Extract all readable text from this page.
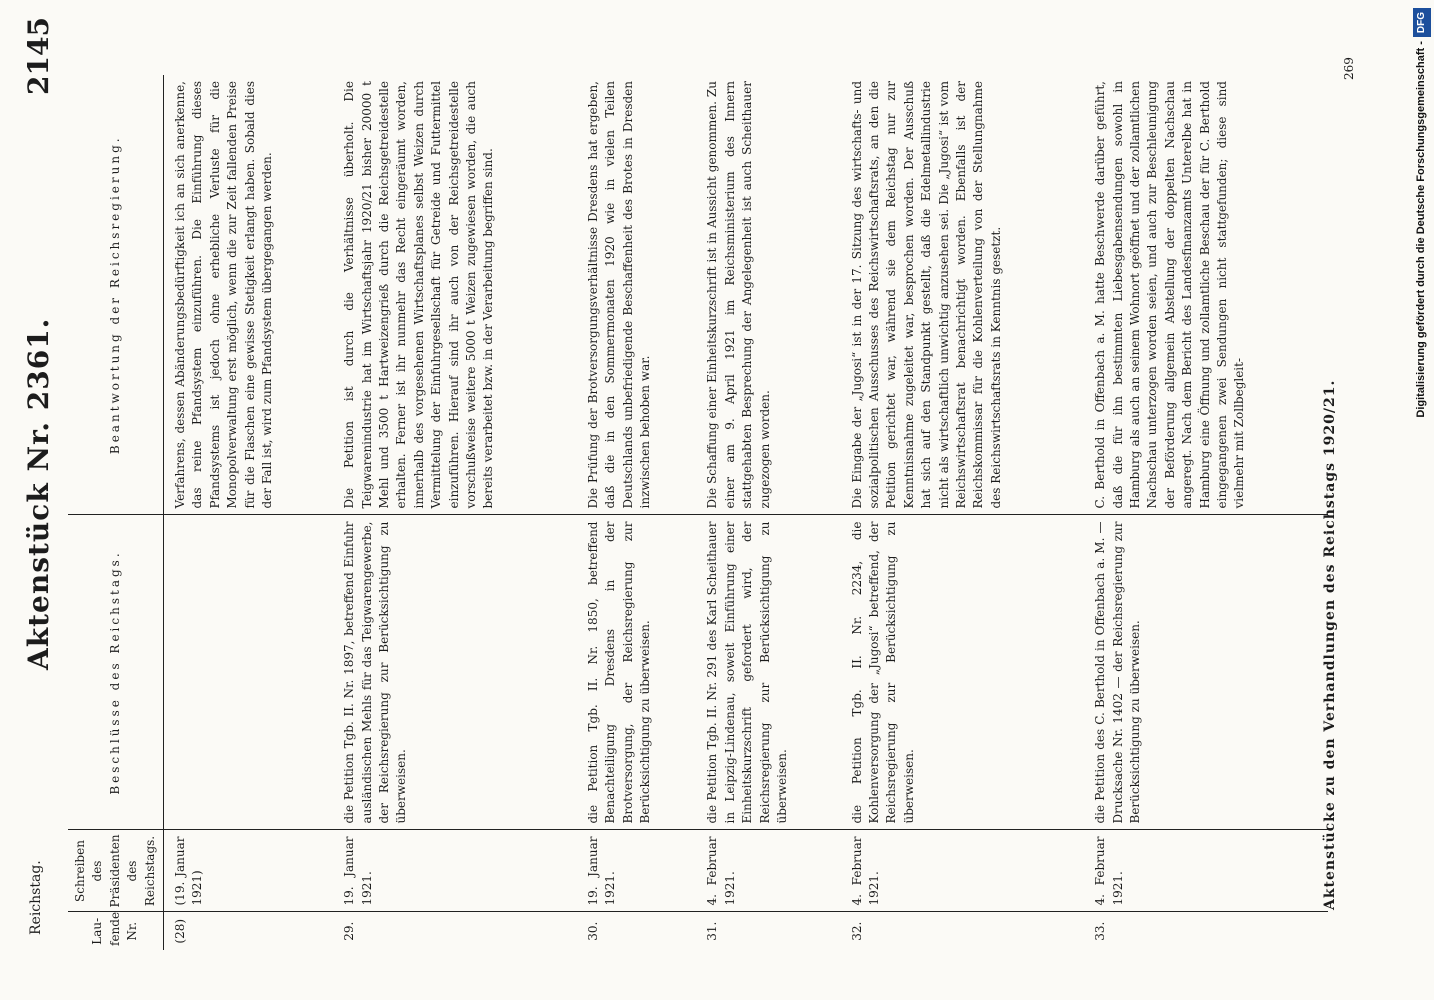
Reichstag.
Aktenstück Nr. 2361.
2145
Lau-fende Nr.	Schreiben des Präsidenten des Reichstags.	Beschlüsse des Reichstags.	Beantwortung der Reichsregierung.
(28)	(19. Januar 1921)		Verfahrens, dessen Abänderungsbedürftigkeit ich an sich anerkenne, das reine Pfandsystem einzuführen. Die Einführung dieses Pfandsystems ist jedoch ohne erhebliche Verluste für die Monopolverwaltung erst möglich, wenn die zur Zeit fallenden Preise für die Flaschen eine gewisse Stetigkeit erlangt haben. Sobald dies der Fall ist, wird zum Pfandsystem übergegangen werden.
29.	19. Januar 1921.	die Petition Tgb. II. Nr. 1897, betreffend Einfuhr ausländischen Mehls für das Teigwarengewerbe, der Reichsregierung zur Berücksichtigung zu überweisen.	Die Petition ist durch die Verhältnisse überholt. Die Teigwarenindustrie hat im Wirtschaftsjahr 1920/21 bisher 20000 t Mehl und 3500 t Hartweizengrieß durch die Reichsgetreidestelle erhalten. Ferner ist ihr nunmehr das Recht eingeräumt worden, innerhalb des vorgesehenen Wirtschaftsplanes selbst Weizen durch Vermittelung der Einfuhrgesellschaft für Getreide und Futtermittel einzuführen. Hierauf sind ihr auch von der Reichsgetreidestelle vorschußweise weitere 5000 t Weizen zugewiesen worden, die auch bereits verarbeitet bzw. in der Verarbeitung begriffen sind.
30.	19. Januar 1921.	die Petition Tgb. II. Nr. 1850, betreffend Benachteiligung Dresdens in der Brotversorgung, der Reichsregierung zur Berücksichtigung zu überweisen.	Die Prüfung der Brotversorgungsverhältnisse Dresdens hat ergeben, daß die in den Sommermonaten 1920 wie in vielen Teilen Deutschlands unbefriedigende Beschaffenheit des Brotes in Dresden inzwischen behoben war.
31.	4. Februar 1921.	die Petition Tgb. II. Nr. 291 des Karl Scheithauer in Leipzig-Lindenau, soweit Einführung einer Einheitskurzschrift gefordert wird, der Reichsregierung zur Berücksichtigung zu überweisen.	Die Schaffung einer Einheitskurzschrift ist in Aussicht genommen. Zu einer am 9. April 1921 im Reichsministerium des Innern stattgehabten Besprechung der Angelegenheit ist auch Scheithauer zugezogen worden.
32.	4. Februar 1921.	die Petition Tgb. II. Nr. 2234, die Kohlenversorgung der „Jugosi“ betreffend, der Reichsregierung zur Berücksichtigung zu überweisen.	Die Eingabe der „Jugosi“ ist in der 17. Sitzung des wirtschafts- und sozialpolitischen Ausschusses des Reichswirtschaftsrats, an den die Petition gerichtet war, während sie dem Reichstag nur zur Kenntnisnahme zugeleitet war, besprochen worden. Der Ausschuß hat sich auf den Standpunkt gestellt, daß die Edelmetallindustrie nicht als wirtschaftlich unwichtig anzusehen sei. Die „Jugosi“ ist vom Reichswirtschaftsrat benachrichtigt worden. Ebenfalls ist der Reichskommissar für die Kohlenverteilung von der Stellungnahme des Reichswirtschaftsrats in Kenntnis gesetzt.
33.	4. Februar 1921.	die Petition des C. Berthold in Offenbach a. M. — Drucksache Nr. 1402 — der Reichsregierung zur Berücksichtigung zu überweisen.	C. Berthold in Offenbach a. M. hatte Beschwerde darüber geführt, daß die für ihn bestimmten Liebesgabensendungen sowohl in Hamburg als auch an seinem Wohnort geöffnet und der zollamtlichen Nachschau unterzogen worden seien, und auch zur Beschleunigung der Beförderung allgemein Abstellung der doppelten Nachschau angeregt. Nach dem Bericht des Landesfinanzamts Unterelbe hat in Hamburg eine Öffnung und zollamtliche Beschau der für C. Berthold eingegangenen zwei Sendungen nicht stattgefunden; diese sind vielmehr mit Zollbegleit-	Aktenstücke zu den Verhandlungen des Reichstags 1920/21.
269	Digitalisierung gefördert durch die Deutsche Forschungsgemeinschaft -DFG
